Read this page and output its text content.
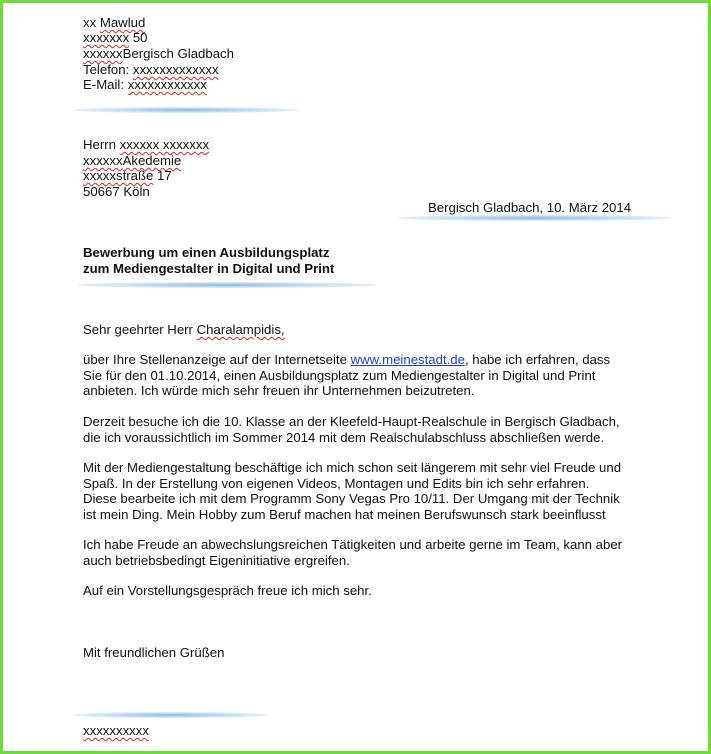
xx Mawlud
xxxxxxx 50
xxxxxxBergisch Gladbach
Telefon: xxxxxxxxxxxxx
E-Mail: xxxxxxxxxxxx
Herrn xxxxxx xxxxxxx
xxxxxxAkedemie
xxxxxstraße 17
50667 Köln
Bergisch Gladbach, 10. März 2014
Bewerbung um einen Ausbildungsplatz
zum Mediengestalter in Digital und Print
Sehr geehrter Herr Charalampidis,
über Ihre Stellenanzeige auf der Internetseite www.meinestadt.de, habe ich erfahren, dass
Sie für den 01.10.2014, einen Ausbildungsplatz zum Mediengestalter in Digital und Print
anbieten. Ich würde mich sehr freuen ihr Unternehmen beizutreten.
Derzeit besuche ich die 10. Klasse an der Kleefeld-Haupt-Realschule in Bergisch Gladbach,
die ich voraussichtlich im Sommer 2014 mit dem Realschulabschluss abschließen werde.
Mit der Mediengestaltung beschäftige ich mich schon seit längerem mit sehr viel Freude und
Spaß. In der Erstellung von eigenen Videos, Montagen und Edits bin ich sehr erfahren.
Diese bearbeite ich mit dem Programm Sony Vegas Pro 10/11. Der Umgang mit der Technik
ist mein Ding. Mein Hobby zum Beruf machen hat meinen Berufswunsch stark beeinflusst
Ich habe Freude an abwechslungsreichen Tätigkeiten und arbeite gerne im Team, kann aber
auch betriebsbedingt Eigeninitiative ergreifen.
Auf ein Vorstellungsgespräch freue ich mich sehr.
Mit freundlichen Grüßen
xxxxxxxxxx
